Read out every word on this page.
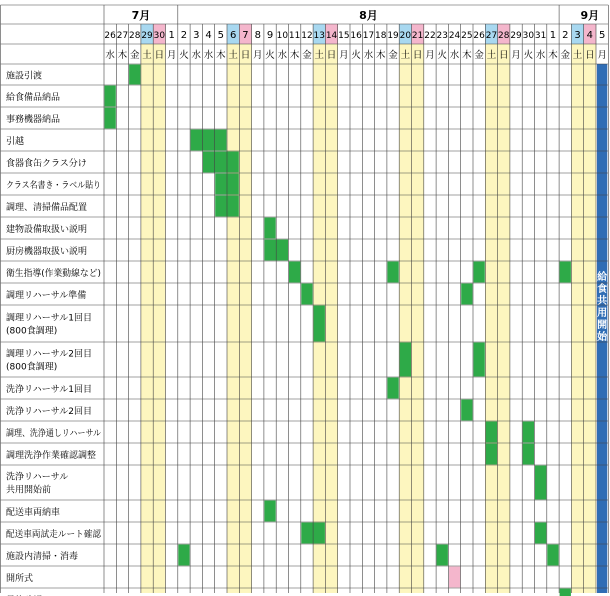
給
食
共
用
開
始
7月	8月	9月
26
水
27
木
28
金
29
土
30
日
1
月
2
火
3
水
4
水
5
木
6
土
7
日
8
月
9
火
10
水
11
木
12
金
13
土
14
日
15
月
16
火
17
水
18
木
19
金
20
土
21
日
22
月
23
火
24
水
25
木
26
金
27
土
28
日
29
月
30
火
31
水
1
木
2
金
3
土
4
日
5
月
施設引渡
給食備品納品
事務機器納品
引越
食器食缶クラス分け
クラス名書き・ラベル貼り
調理、清掃備品配置
建物設備取扱い説明
厨房機器取扱い説明
衛生指導(作業動線など)
調理リハーサル準備
調理リハーサル1回目
(800食調理)
調理リハーサル2回目
(800食調理)
洗浄リハーサル1回目
洗浄リハーサル2回目
調理、洗浄通しリハーサル
調理洗浄作業確認調整
洗浄リハーサル
共用開始前
配送車両納車
配送車両試走ルート確認
施設内清掃・消毒
開所式
